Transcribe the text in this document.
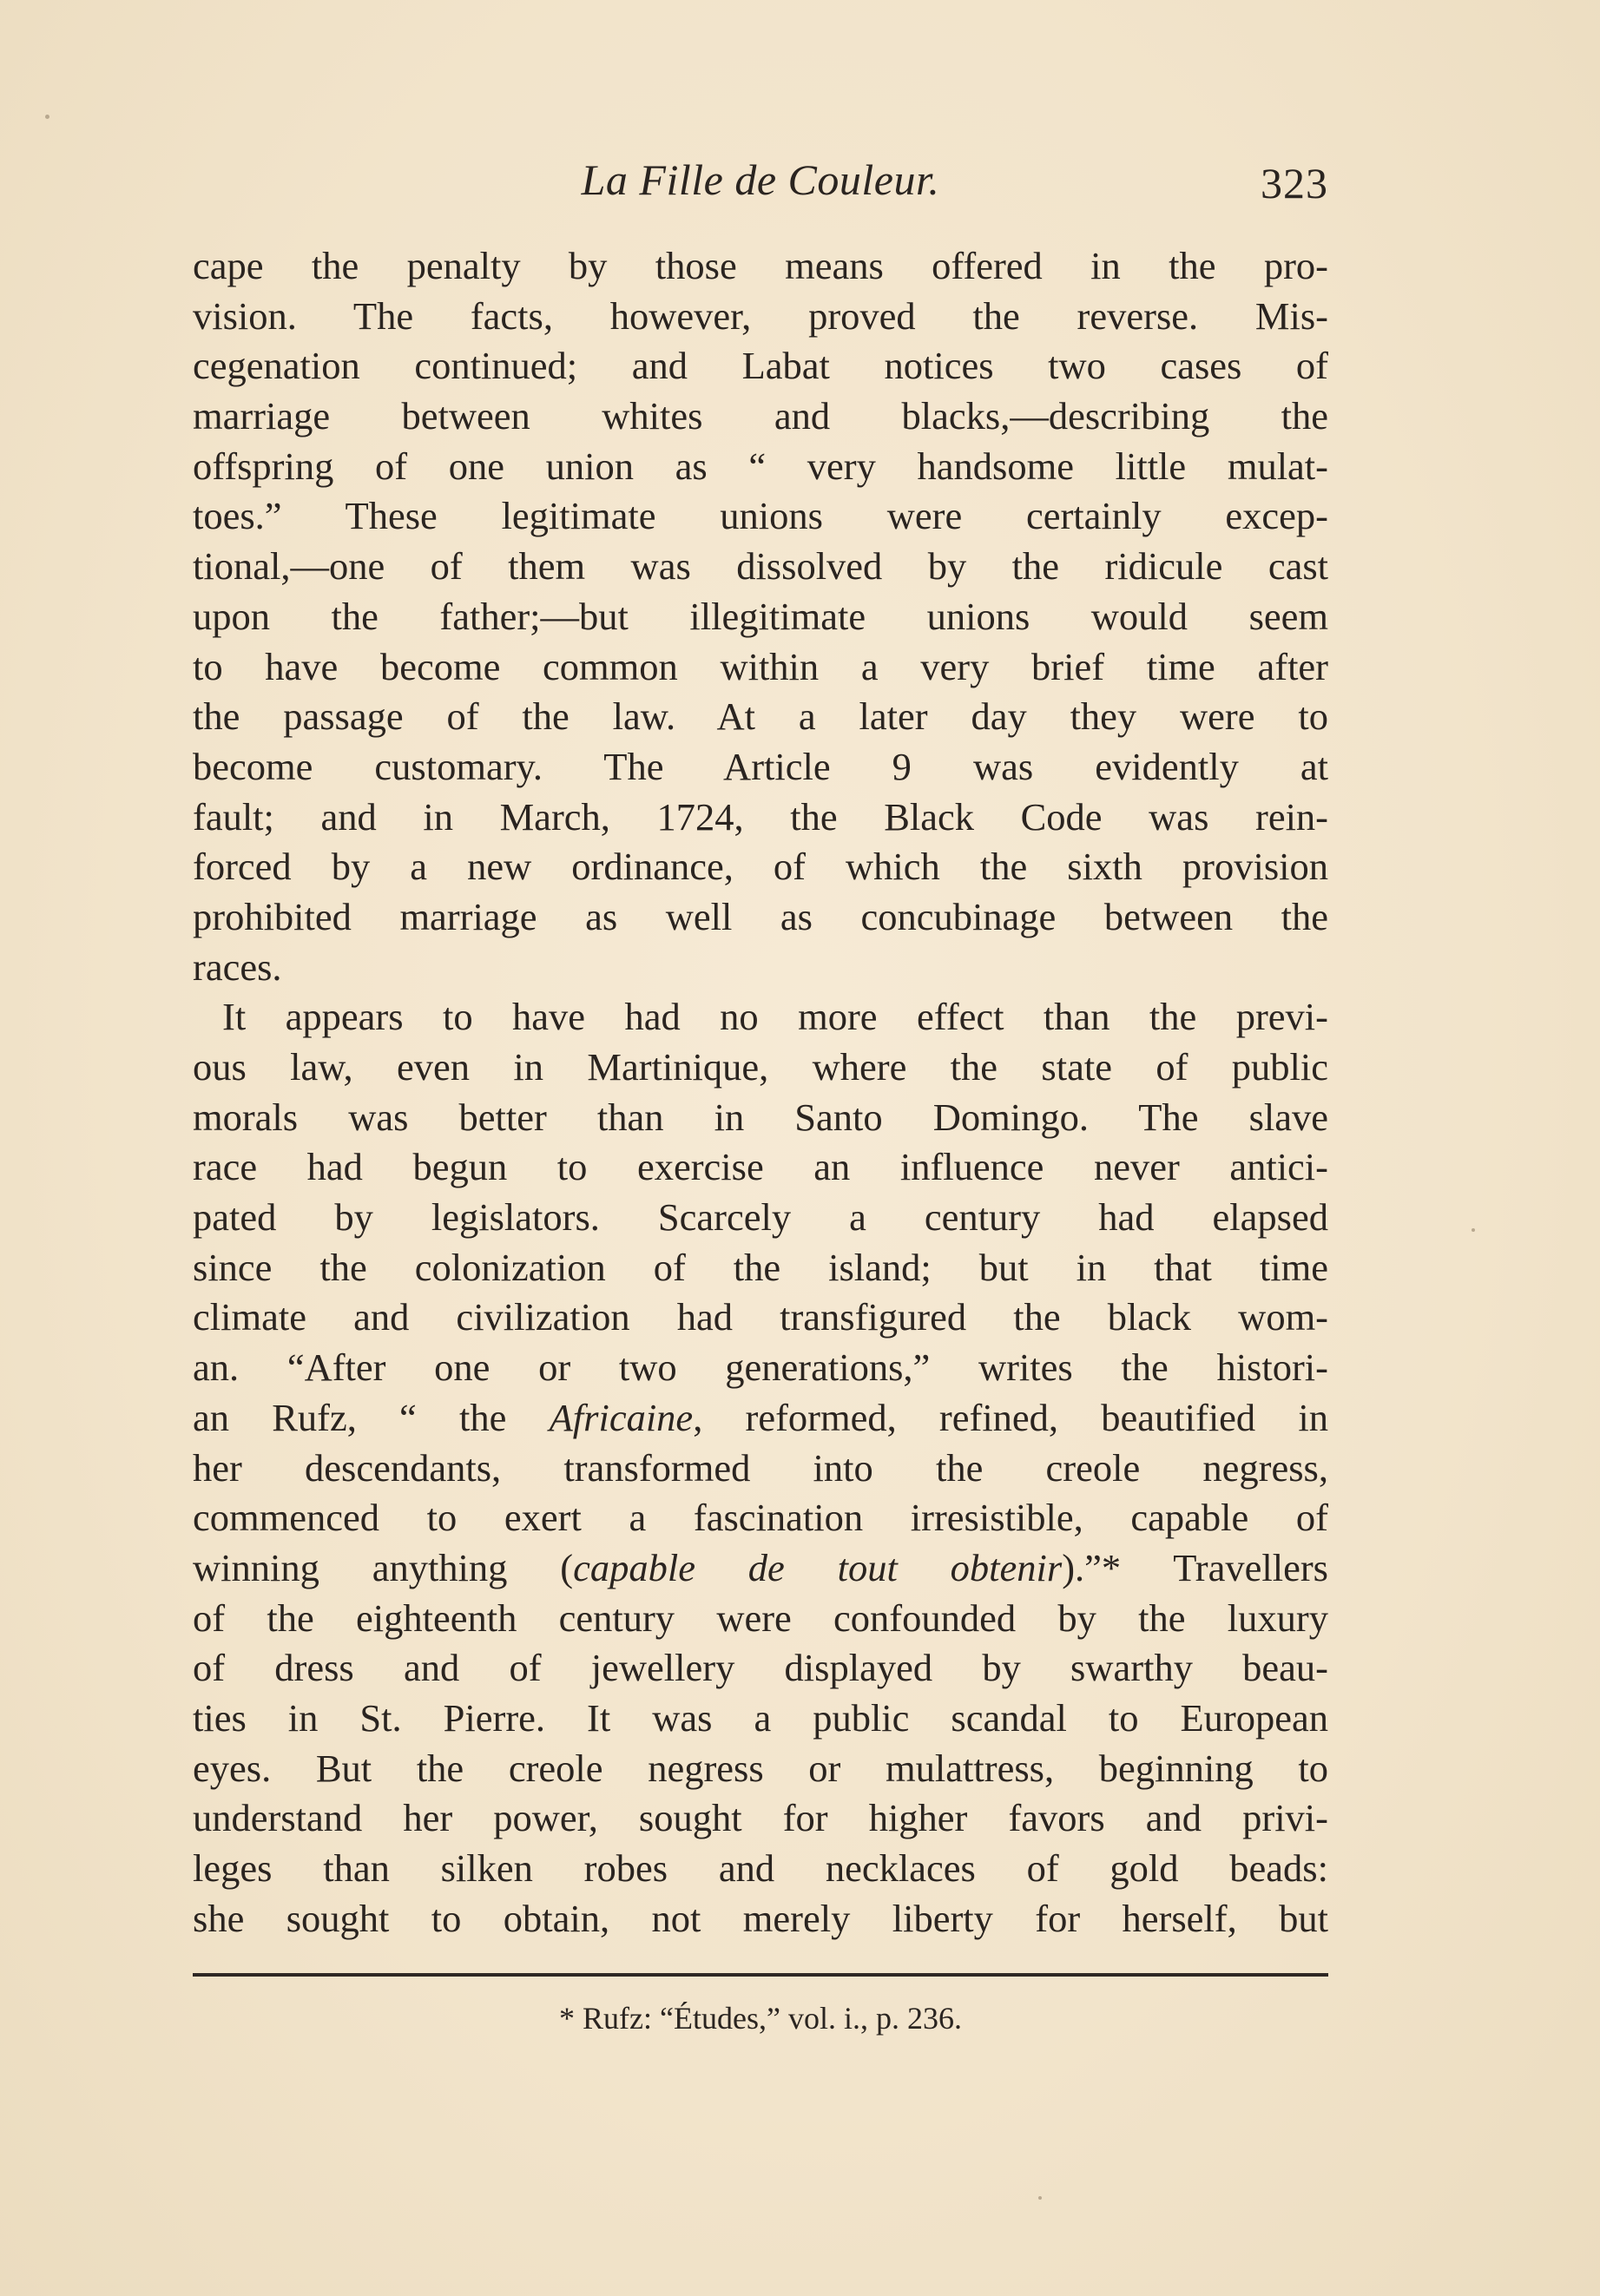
La Fille de Couleur.	323
cape the penalty by those means offered in the pro-
vision. The facts, however, proved the reverse. Mis-
cegenation continued; and Labat notices two cases of
marriage between whites and blacks,—describing the
offspring of one union as “ very handsome little mulat-
toes.” These legitimate unions were certainly excep-
tional,—one of them was dissolved by the ridicule cast
upon the father;—but illegitimate unions would seem
to have become common within a very brief time after
the passage of the law. At a later day they were to
become customary. The Article 9 was evidently at
fault; and in March, 1724, the Black Code was rein-
forced by a new ordinance, of which the sixth provision
prohibited marriage as well as concubinage between the
races.
It appears to have had no more effect than the previ-
ous law, even in Martinique, where the state of public
morals was better than in Santo Domingo. The slave
race had begun to exercise an influence never antici-
pated by legislators. Scarcely a century had elapsed
since the colonization of the island; but in that time
climate and civilization had transfigured the black wom-
an. “After one or two generations,” writes the histori-
an Rufz, “ the Africaine, reformed, refined, beautified in
her descendants, transformed into the creole negress,
commenced to exert a fascination irresistible, capable of
winning anything (capable de tout obtenir).”* Travellers
of the eighteenth century were confounded by the luxury
of dress and of jewellery displayed by swarthy beau-
ties in St. Pierre. It was a public scandal to European
eyes. But the creole negress or mulattress, beginning to
understand her power, sought for higher favors and privi-
leges than silken robes and necklaces of gold beads:
she sought to obtain, not merely liberty for herself, but
* Rufz: “Études,” vol. i., p. 236.
